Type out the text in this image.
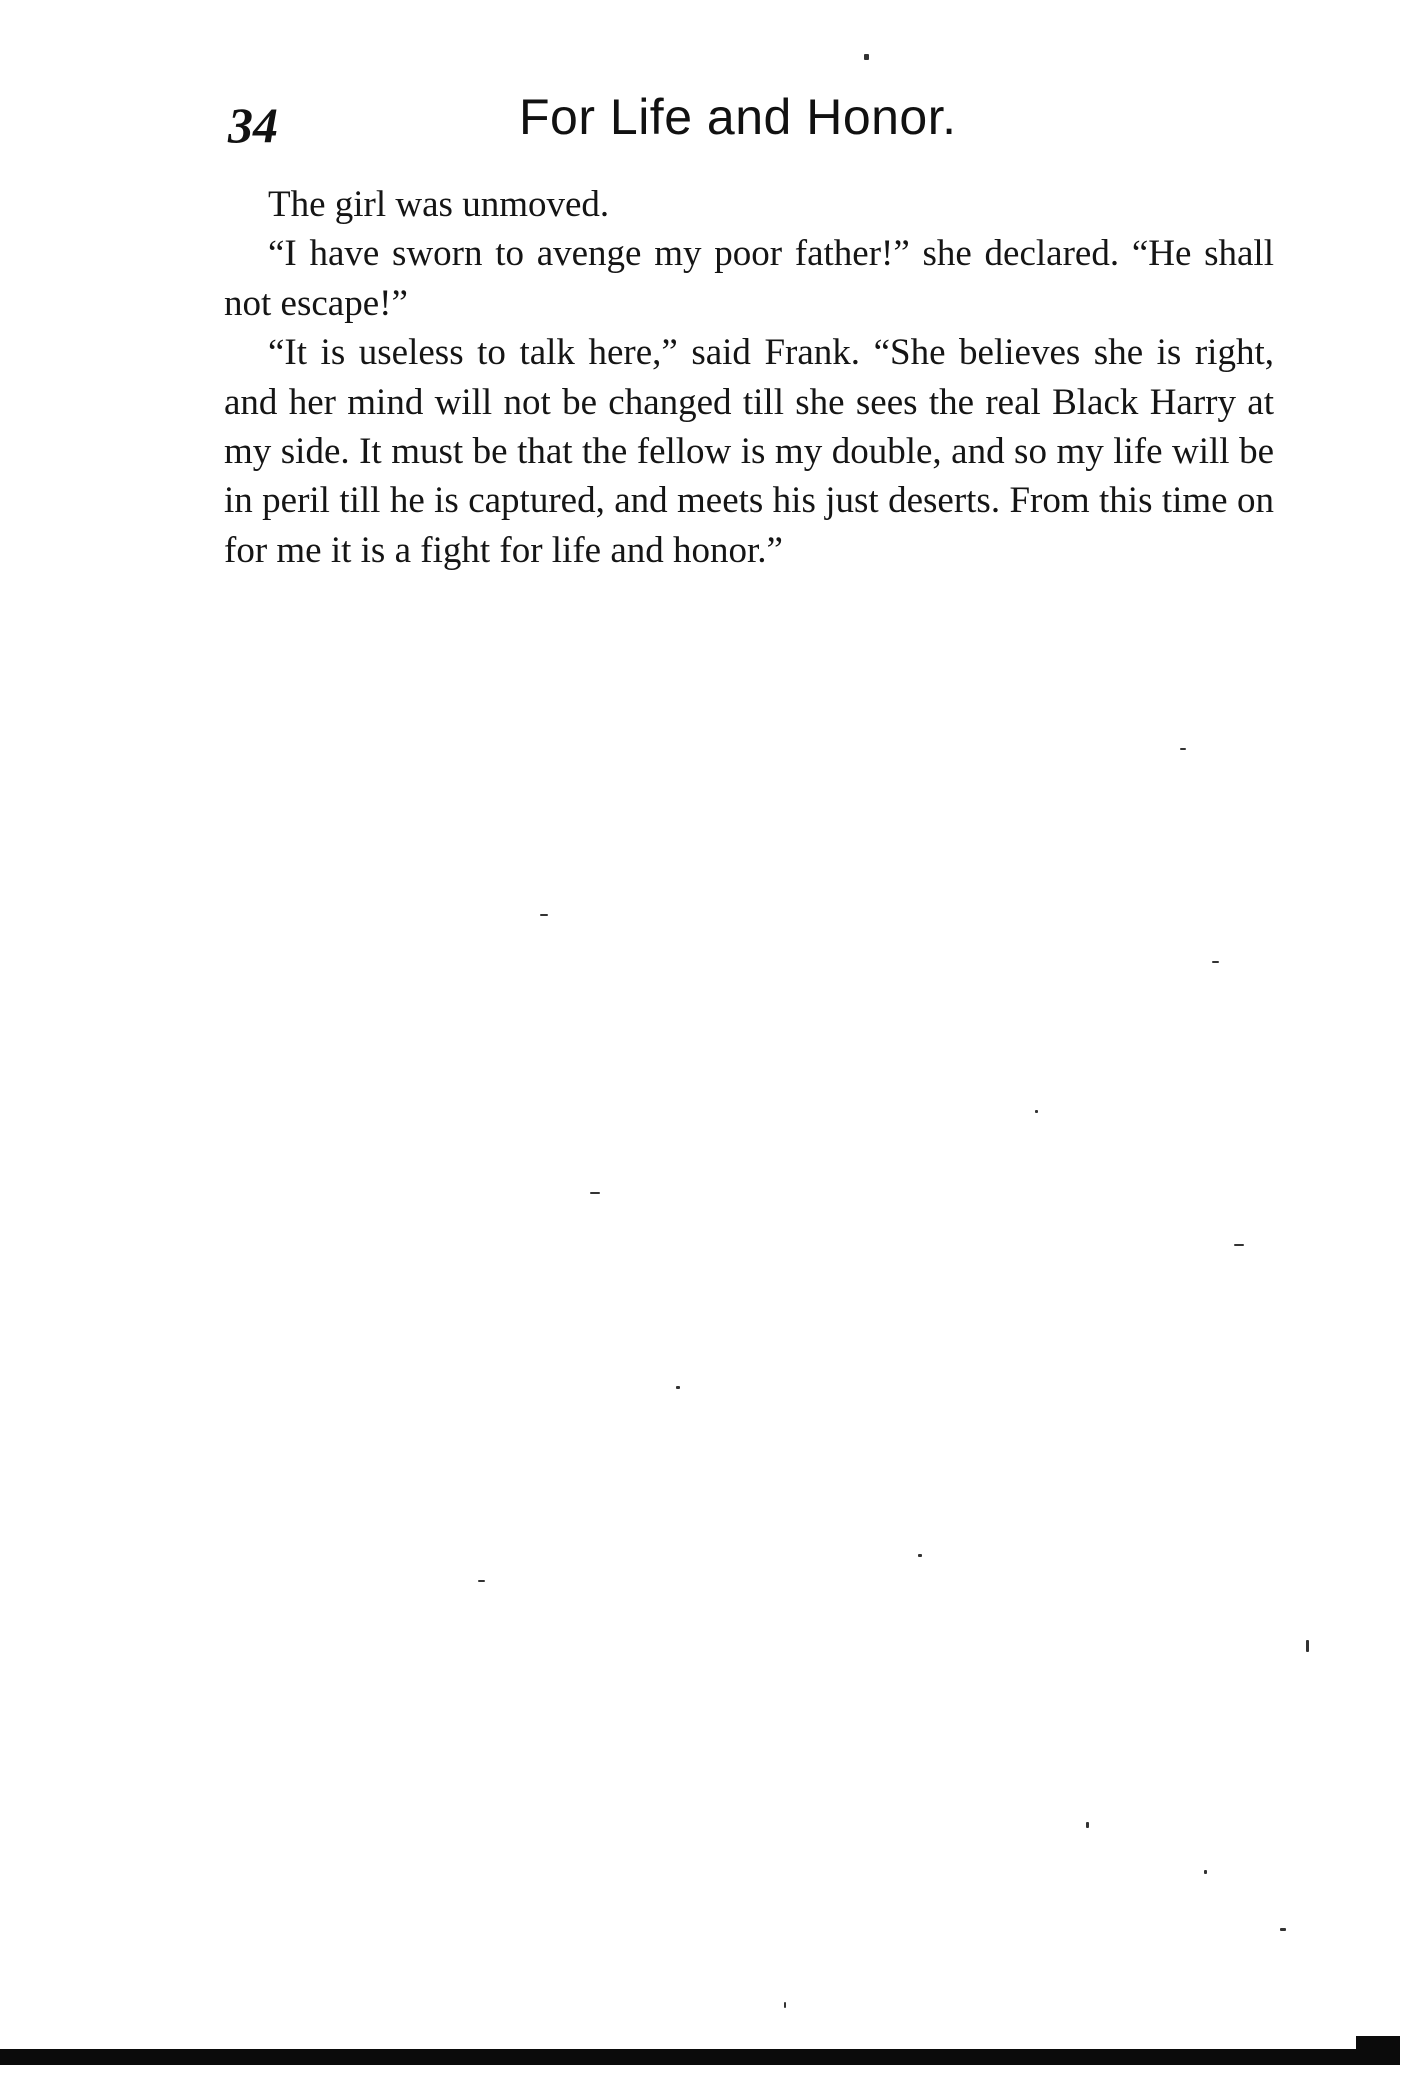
34	For Life and Honor.

The girl was unmoved.

“I have sworn to avenge my poor father!” she declared. “He shall not escape!”

“It is useless to talk here,” said Frank. “She believes she is right, and her mind will not be changed till she sees the real Black Harry at my side. It must be that the fellow is my double, and so my life will be in peril till he is captured, and meets his just deserts. From this time on for me it is a fight for life and honor.”
